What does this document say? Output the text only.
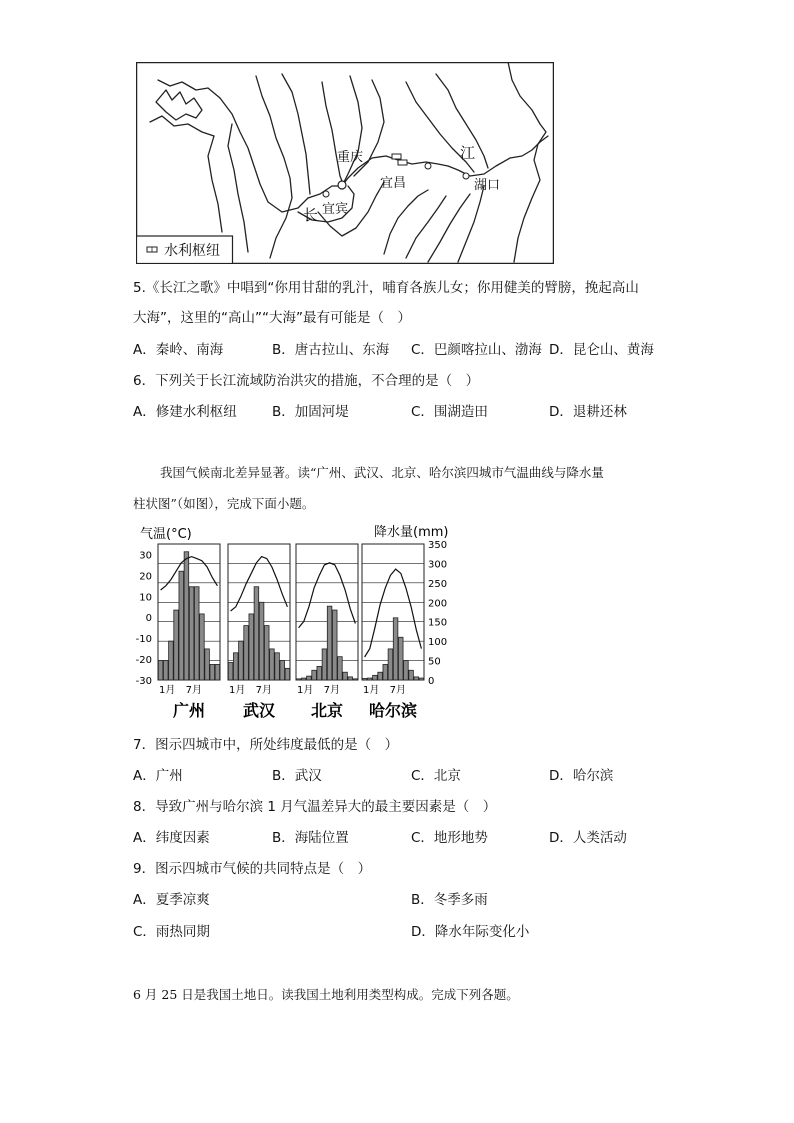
水利枢纽
重庆
宜昌
宜宾
湖口
江
长
5.《长江之歌》中唱到“你用甘甜的乳汁，哺育各族儿女；你用健美的臂膀，挽起高山
大海”，这里的“高山”“大海”最有可能是（　）
A．秦岭、南海	B．唐古拉山、东海 C．巴颜喀拉山、渤海 D．昆仑山、黄海
6．下列关于长江流域防治洪灾的措施，不合理的是（　）
A．修建水利枢纽	B．加固河堤	C．围湖造田	D．退耕还林
我国气候南北差异显著。读“广州、武汉、北京、哈尔滨四城市气温曲线与降水量
柱状图”（如图），完成下面小题。
气温(°C)	降水量(mm)
30
20
10
0
-10
-20
-30
350
300
250
200
150
100
50
0
1月 7月
广州
1月 7月
武汉
1月 7月
北京
1月 7月
哈尔滨
7．图示四城市中，所处纬度最低的是（　）
A．广州	B．武汉	C．北京	D．哈尔滨
8．导致广州与哈尔滨 1 月气温差异大的最主要因素是（　）
A．纬度因素	B．海陆位置	C．地形地势	D．人类活动
9．图示四城市气候的共同特点是（　）
A．夏季凉爽	B．冬季多雨
C．雨热同期	D．降水年际变化小
6 月 25 日是我国土地日。读我国土地利用类型构成。完成下列各题。
